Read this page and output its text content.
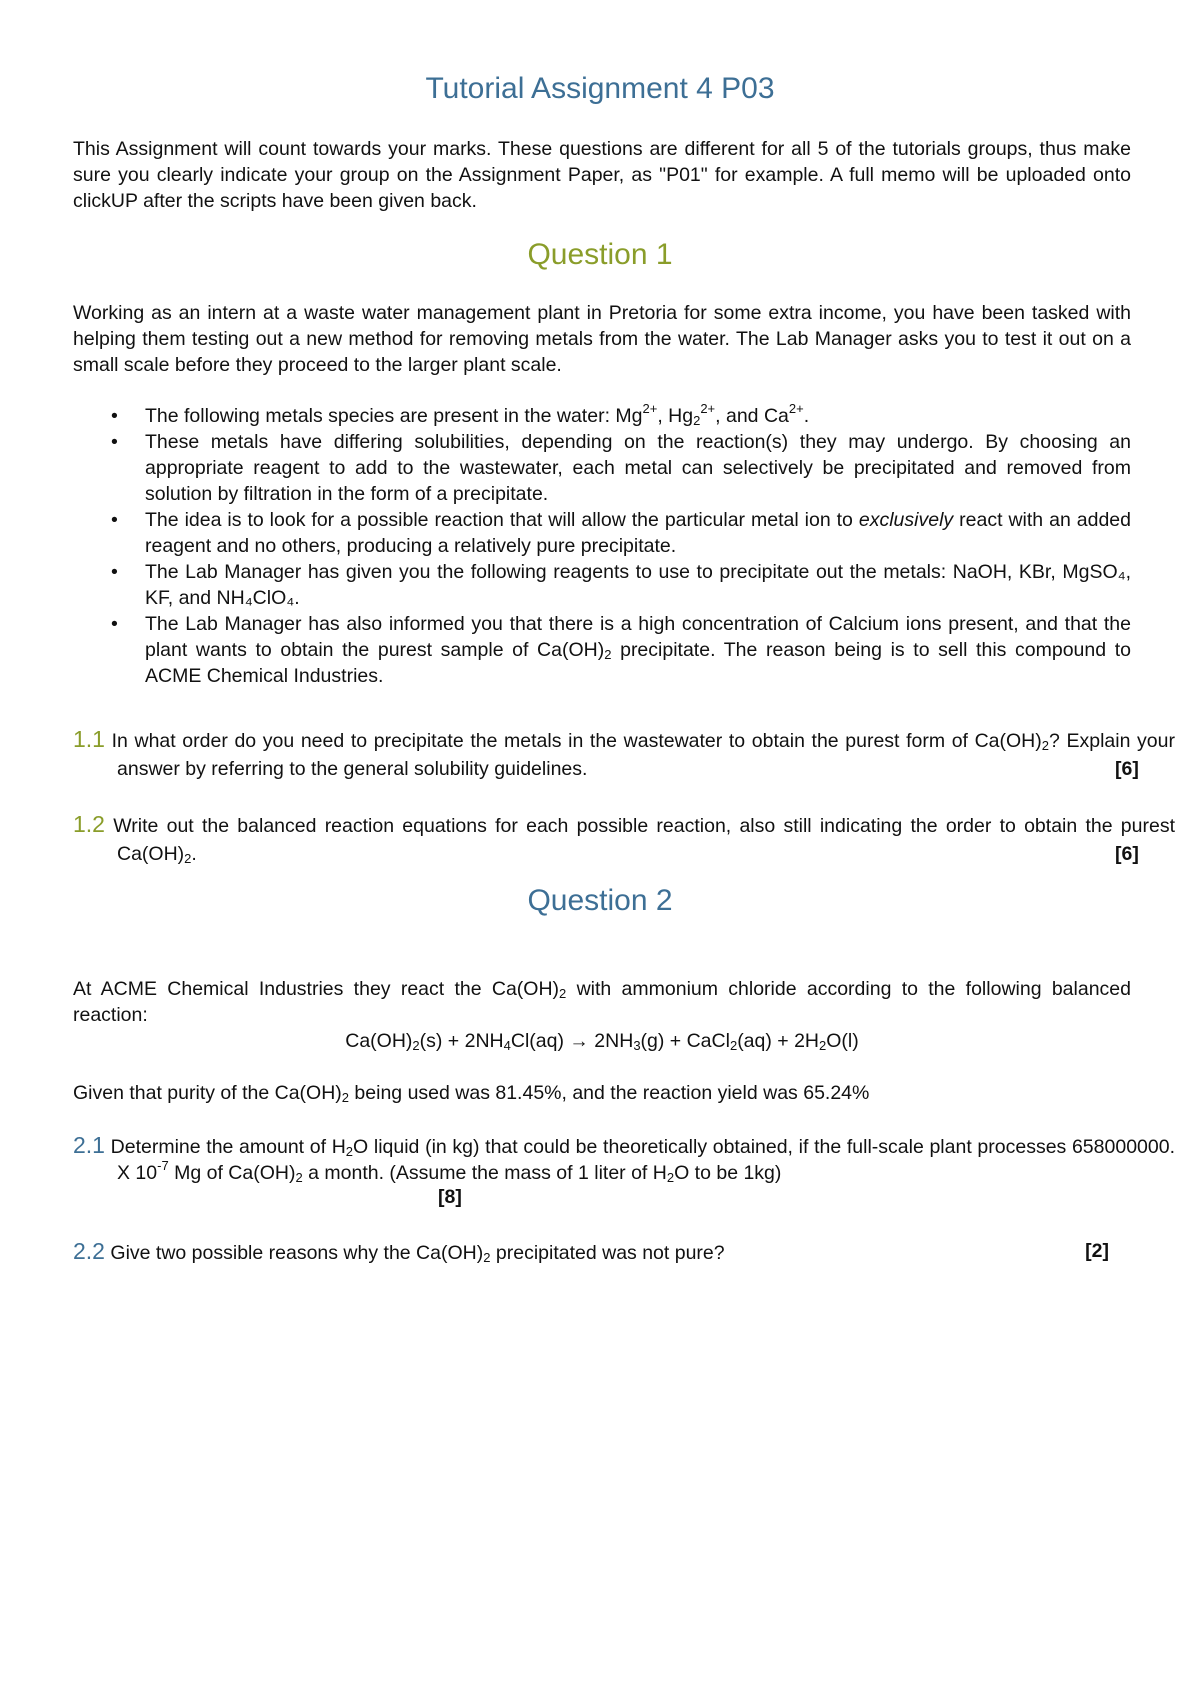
Tutorial Assignment 4 P03

This Assignment will count towards your marks. These questions are different for all 5 of the tutorials groups, thus make sure you clearly indicate your group on the Assignment Paper, as "P01" for example. A full memo will be uploaded onto clickUP after the scripts have been given back.

Question 1

Working as an intern at a waste water management plant in Pretoria for some extra income, you have been tasked with helping them testing out a new method for removing metals from the water. The Lab Manager asks you to test it out on a small scale before they proceed to the larger plant scale.

• The following metals species are present in the water: $Mg^{2+}$, $Hg_2^{2+}$, and $Ca^{2+}$.
• These metals have differing solubilities, depending on the reaction(s) they may undergo. By choosing an appropriate reagent to add to the wastewater, each metal can selectively be precipitated and removed from solution by filtration in the form of a precipitate.
• The idea is to look for a possible reaction that will allow the particular metal ion to exclusively react with an added reagent and no others, producing a relatively pure precipitate.
• The Lab Manager has given you the following reagents to use to precipitate out the metals: NaOH, KBr, MgSO₄, KF, and NH₄ClO₄.
• The Lab Manager has also informed you that there is a high concentration of Calcium ions present, and that the plant wants to obtain the purest sample of $Ca(OH)_2$ precipitate. The reason being is to sell this compound to ACME Chemical Industries.

1.1 In what order do you need to precipitate the metals in the wastewater to obtain the purest form of $Ca(OH)_2$? Explain your answer by referring to the general solubility guidelines.	[6]

1.2 Write out the balanced reaction equations for each possible reaction, also still indicating the order to obtain the purest $Ca(OH)_2$.	[6]

Question 2

At ACME Chemical Industries they react the $Ca(OH)_2$ with ammonium chloride according to the following balanced reaction:

$Ca(OH)_2(s) + 2NH_4Cl(aq) \to 2NH_3(g)$ + CaCl$_2$(aq) + $2H_2O(l)$

Given that purity of the $Ca(OH)_2$ being used was 81.45%, and the reaction yield was 65.24%

2.1 Determine the amount of $H_2O$ liquid (in kg) that could be theoretically obtained, if the full-scale plant processes 658000000. X $10^{-7}$ Mg of $Ca(OH)_2$ a month. (Assume the mass of 1 liter of $H_2O$ to be 1kg)

[8]

2.2 Give two possible reasons why the $Ca(OH)_2$ precipitated was not pure?	[2]
